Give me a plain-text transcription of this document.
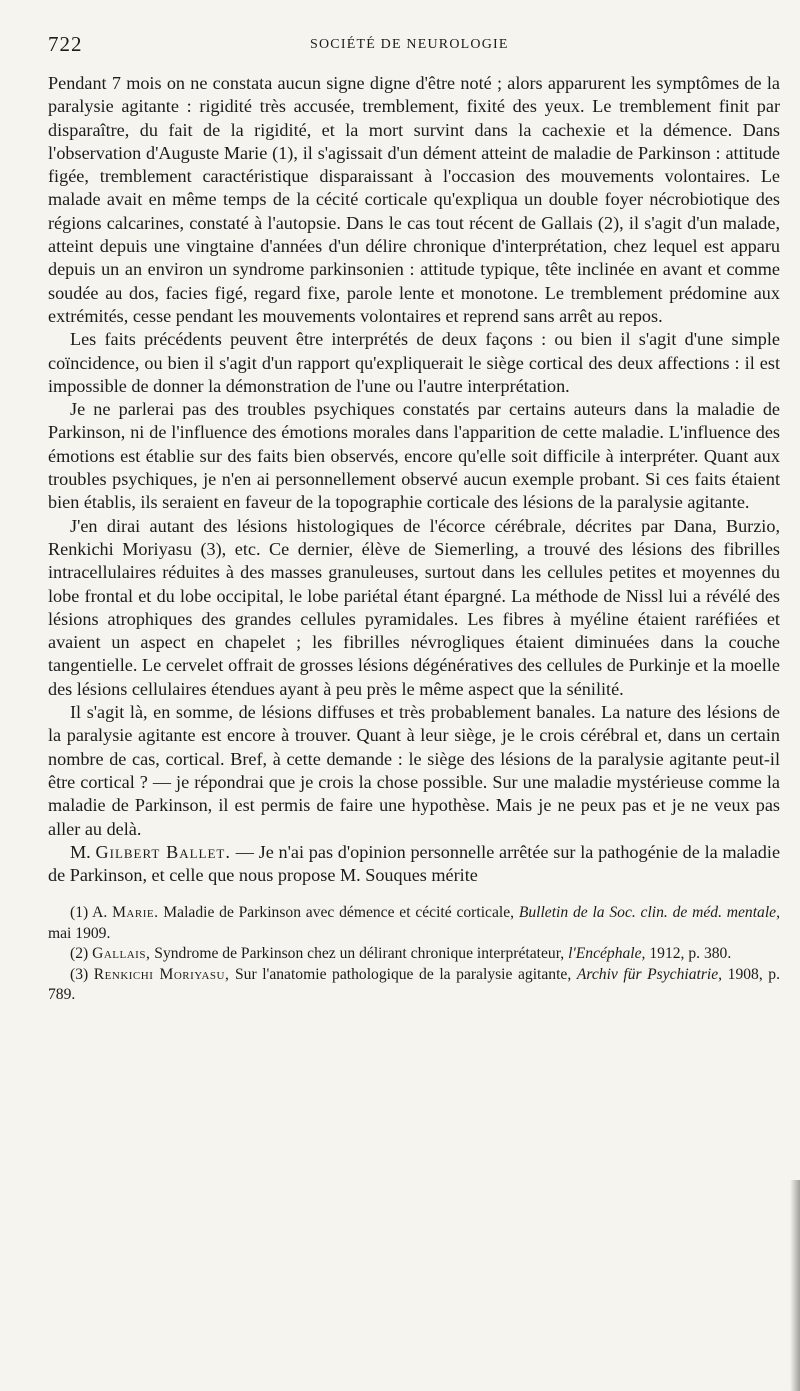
722	SOCIÉTÉ DE NEUROLOGIE

Pendant 7 mois on ne constata aucun signe digne d'être noté ; alors apparurent les symptômes de la paralysie agitante : rigidité très accusée, tremblement, fixité des yeux. Le tremblement finit par disparaître, du fait de la rigidité, et la mort survint dans la cachexie et la démence. Dans l'observation d'Auguste Marie (1), il s'agissait d'un dément atteint de maladie de Parkinson : attitude figée, tremblement caractéristique disparaissant à l'occasion des mouvements volontaires. Le malade avait en même temps de la cécité corticale qu'expliqua un double foyer nécrobiotique des régions calcarines, constaté à l'autopsie. Dans le cas tout récent de Gallais (2), il s'agit d'un malade, atteint depuis une vingtaine d'années d'un délire chronique d'interprétation, chez lequel est apparu depuis un an environ un syndrome parkinsonien : attitude typique, tête inclinée en avant et comme soudée au dos, facies figé, regard fixe, parole lente et monotone. Le tremblement prédomine aux extrémités, cesse pendant les mouvements volontaires et reprend sans arrêt au repos.

Les faits précédents peuvent être interprétés de deux façons : ou bien il s'agit d'une simple coïncidence, ou bien il s'agit d'un rapport qu'expliquerait le siège cortical des deux affections : il est impossible de donner la démonstration de l'une ou l'autre interprétation.

Je ne parlerai pas des troubles psychiques constatés par certains auteurs dans la maladie de Parkinson, ni de l'influence des émotions morales dans l'apparition de cette maladie. L'influence des émotions est établie sur des faits bien observés, encore qu'elle soit difficile à interpréter. Quant aux troubles psychiques, je n'en ai personnellement observé aucun exemple probant. Si ces faits étaient bien établis, ils seraient en faveur de la topographie corticale des lésions de la paralysie agitante.

J'en dirai autant des lésions histologiques de l'écorce cérébrale, décrites par Dana, Burzio, Renkichi Moriyasu (3), etc. Ce dernier, élève de Siemerling, a trouvé des lésions des fibrilles intracellulaires réduites à des masses granuleuses, surtout dans les cellules petites et moyennes du lobe frontal et du lobe occipital, le lobe pariétal étant épargné. La méthode de Nissl lui a révélé des lésions atrophiques des grandes cellules pyramidales. Les fibres à myéline étaient raréfiées et avaient un aspect en chapelet ; les fibrilles névrogliques étaient diminuées dans la couche tangentielle. Le cervelet offrait de grosses lésions dégénératives des cellules de Purkinje et la moelle des lésions cellulaires étendues ayant à peu près le même aspect que la sénilité.

Il s'agit là, en somme, de lésions diffuses et très probablement banales. La nature des lésions de la paralysie agitante est encore à trouver. Quant à leur siège, je le crois cérébral et, dans un certain nombre de cas, cortical. Bref, à cette demande : le siège des lésions de la paralysie agitante peut-il être cortical ? — je répondrai que je crois la chose possible. Sur une maladie mystérieuse comme la maladie de Parkinson, il est permis de faire une hypothèse. Mais je ne peux pas et je ne veux pas aller au delà.

M. Gilbert Ballet. — Je n'ai pas d'opinion personnelle arrêtée sur la pathogénie de la maladie de Parkinson, et celle que nous propose M. Souques mérite

(1) A. Marie. Maladie de Parkinson avec démence et cécité corticale, Bulletin de la Soc. clin. de méd. mentale, mai 1909.

(2) Gallais, Syndrome de Parkinson chez un délirant chronique interprétateur, l'Encéphale, 1912, p. 380.

(3) Renkichi Moriyasu, Sur l'anatomie pathologique de la paralysie agitante, Archiv für Psychiatrie, 1908, p. 789.
